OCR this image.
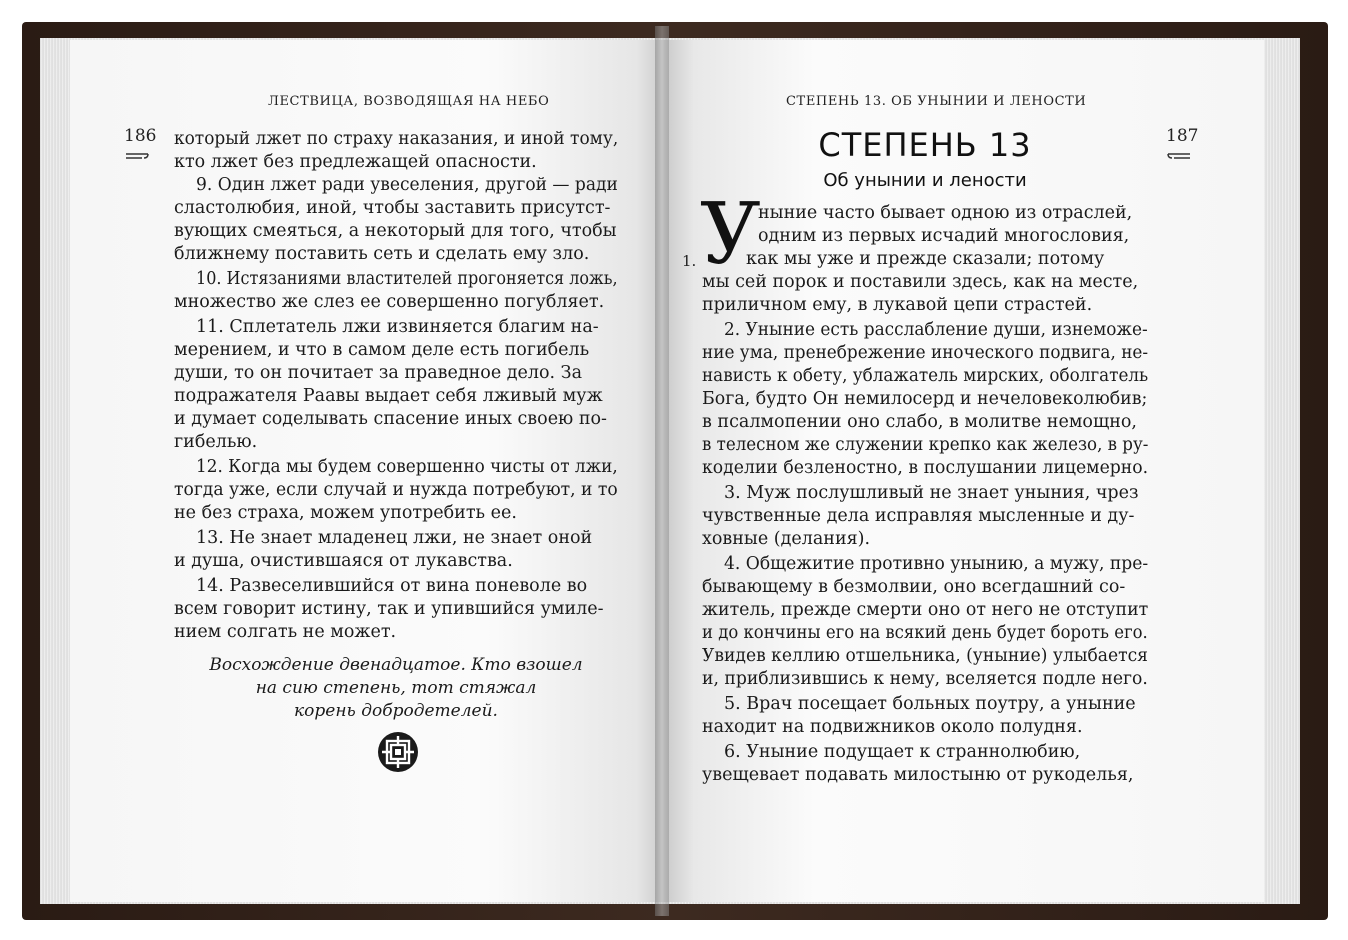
ЛЕСТВИЦА, ВОЗВОДЯЩАЯ НА НЕБО
186 который лжет по страху наказания, и иной тому,
кто лжет без предлежащей опасности.
9. Один лжет ради увеселения, другой — ради
сластолюбия, иной, чтобы заставить присутст-
вующих смеяться, а некоторый для того, чтобы
ближнему поставить сеть и сделать ему зло.
10. Истязаниями властителей прогоняется ложь,
множество же слез ее совершенно погубляет.
11. Сплетатель лжи извиняется благим на-
мерением, и что в самом деле есть погибель
души, то он почитает за праведное дело. За
подражателя Раавы выдает себя лживый муж
и думает соделывать спасение иных своею по-
гибелью.
12. Когда мы будем совершенно чисты от лжи,
тогда уже, если случай и нужда потребуют, и то
не без страха, можем употребить ее.
13. Не знает младенец лжи, не знает оной
и душа, очистившаяся от лукавства.
14. Развеселившийся от вина поневоле во
всем говорит истину, так и упившийся умиле-
нием солгать не может.
Восхождение двенадцатое. Кто взошел
на сию степень, тот стяжал
корень добродетелей.
СТЕПЕНЬ 13. ОБ УНЫНИИ И ЛЕНОСТИ
187
СТЕПЕНЬ 13
Об унынии и лености
У
1.
ныние часто бывает одною из отраслей,
одним из первых исчадий многословия,
как мы уже и прежде сказали; потому
мы сей порок и поставили здесь, как на месте,
приличном ему, в лукавой цепи страстей.
2. Уныние есть расслабление души, изнеможе-
ние ума, пренебрежение иноческого подвига, не-
нависть к обету, ублажатель мирских, оболгатель
Бога, будто Он немилосерд и нечеловеколюбив;
в псалмопении оно слабо, в молитве немощно,
в телесном же служении крепко как железо, в ру-
коделии безленостно, в послушании лицемерно.
3. Муж послушливый не знает уныния, чрез
чувственные дела исправляя мысленные и ду-
ховные (делания).
4. Общежитие противно унынию, а мужу, пре-
бывающему в безмолвии, оно всегдашний со-
житель, прежде смерти оно от него не отступит
и до кончины его на всякий день будет бороть его.
Увидев келлию отшельника, (уныние) улыбается
и, приблизившись к нему, вселяется подле него.
5. Врач посещает больных поутру, а уныние
находит на подвижников около полудня.
6. Уныние подущает к страннолюбию,
увещевает подавать милостыню от рукоделья,
